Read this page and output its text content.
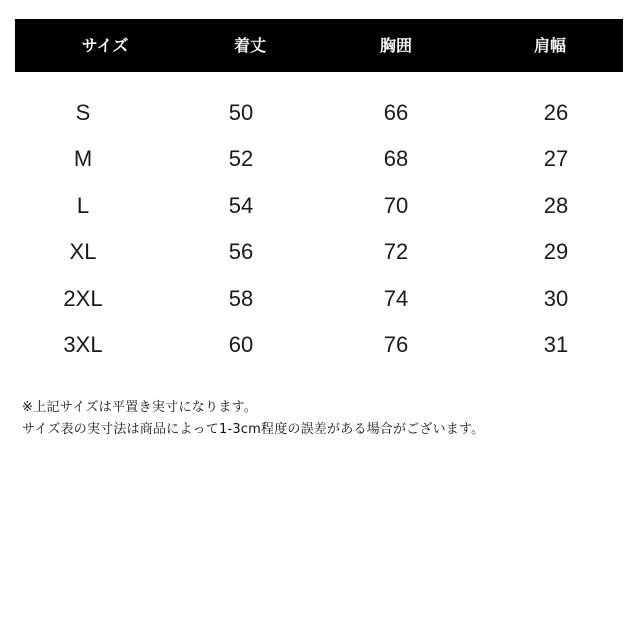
サイズ	着丈	胸囲	肩幅
S	50	66	26
M	52	68	27
L	54	70	28
XL	56	72	29
2XL	58	74	30
3XL	60	76	31
※上記サイズは平置き実寸になります。
サイズ表の実寸法は商品によって1-3cm程度の誤差がある場合がございます。
